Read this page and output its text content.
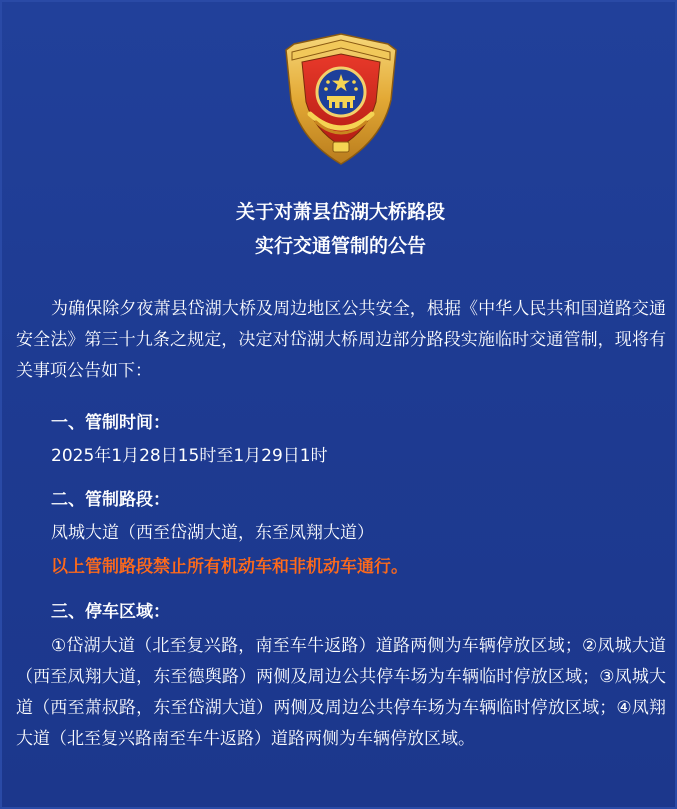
关于对萧县岱湖大桥路段
实行交通管制的公告
为确保除夕夜萧县岱湖大桥及周边地区公共安全，根据《中华人民共和国道路交通安全法》第三十九条之规定，决定对岱湖大桥周边部分路段实施临时交通管制，现将有关事项公告如下：
一、管制时间：
2025年1月28日15时至1月29日1时
二、管制路段：
凤城大道（西至岱湖大道，东至凤翔大道）
以上管制路段禁止所有机动车和非机动车通行。
三、停车区域：
①岱湖大道（北至复兴路，南至车牛返路）道路两侧为车辆停放区域；②凤城大道（西至凤翔大道，东至德舆路）两侧及周边公共停车场为车辆临时停放区域；③凤城大道（西至萧叔路，东至岱湖大道）两侧及周边公共停车场为车辆临时停放区域；④凤翔大道（北至复兴路南至车牛返路）道路两侧为车辆停放区域。
